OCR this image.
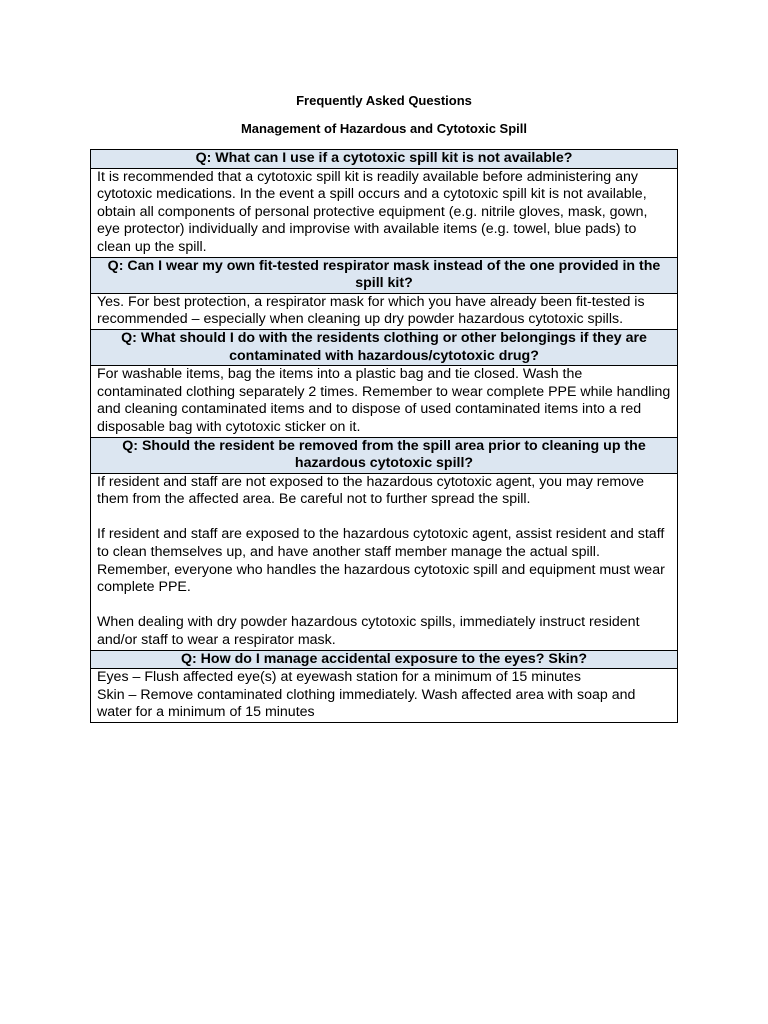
Frequently Asked Questions
Management of Hazardous and Cytotoxic Spill
Q: What can I use if a cytotoxic spill kit is not available?

It is recommended that a cytotoxic spill kit is readily available before administering any cytotoxic medications. In the event a spill occurs and a cytotoxic spill kit is not available, obtain all components of personal protective equipment (e.g. nitrile gloves, mask, gown, eye protector) individually and improvise with available items (e.g. towel, blue pads) to clean up the spill.

Q: Can I wear my own fit-tested respirator mask instead of the one provided in the spill kit?

Yes. For best protection, a respirator mask for which you have already been fit-tested is recommended – especially when cleaning up dry powder hazardous cytotoxic spills.

Q: What should I do with the residents clothing or other belongings if they are contaminated with hazardous/cytotoxic drug?

For washable items, bag the items into a plastic bag and tie closed. Wash the contaminated clothing separately 2 times. Remember to wear complete PPE while handling and cleaning contaminated items and to dispose of used contaminated items into a red disposable bag with cytotoxic sticker on it.

Q: Should the resident be removed from the spill area prior to cleaning up the hazardous cytotoxic spill?

If resident and staff are not exposed to the hazardous cytotoxic agent, you may remove them from the affected area. Be careful not to further spread the spill.

If resident and staff are exposed to the hazardous cytotoxic agent, assist resident and staff to clean themselves up, and have another staff member manage the actual spill. Remember, everyone who handles the hazardous cytotoxic spill and equipment must wear complete PPE.

When dealing with dry powder hazardous cytotoxic spills, immediately instruct resident and/or staff to wear a respirator mask.

Q: How do I manage accidental exposure to the eyes? Skin?

Eyes – Flush affected eye(s) at eyewash station for a minimum of 15 minutes

Skin – Remove contaminated clothing immediately. Wash affected area with soap and water for a minimum of 15 minutes
